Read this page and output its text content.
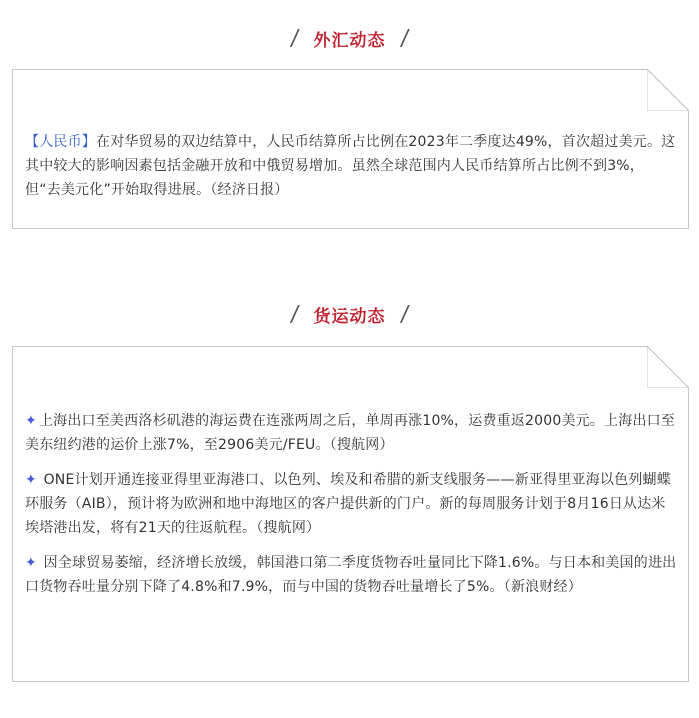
/ 外汇动态 /
【人民币】在对华贸易的双边结算中，人民币结算所占比例在2023年二季度达49%，首次超过美元。这其中较大的影响因素包括金融开放和中俄贸易增加。虽然全球范围内人民币结算所占比例不到3%，但“去美元化”开始取得进展。（经济日报）
/ 货运动态 /

✦ 上海出口至美西洛杉矶港的海运费在连涨两周之后，单周再涨10%，运费重返2000美元。上海出口至美东纽约港的运价上涨7%，至2906美元/FEU。（搜航网）

✦ ONE计划开通连接亚得里亚海港口、以色列、埃及和希腊的新支线服务——新亚得里亚海以色列蝴蝶环服务（AIB），预计将为欧洲和地中海地区的客户提供新的门户。新的每周服务计划于8月16日从达米埃塔港出发，将有21天的往返航程。（搜航网）

✦ 因全球贸易萎缩，经济增长放缓，韩国港口第二季度货物吞吐量同比下降1.6%。与日本和美国的进出口货物吞吐量分别下降了4.8%和7.9%，而与中国的货物吞吐量增长了5%。（新浪财经）
